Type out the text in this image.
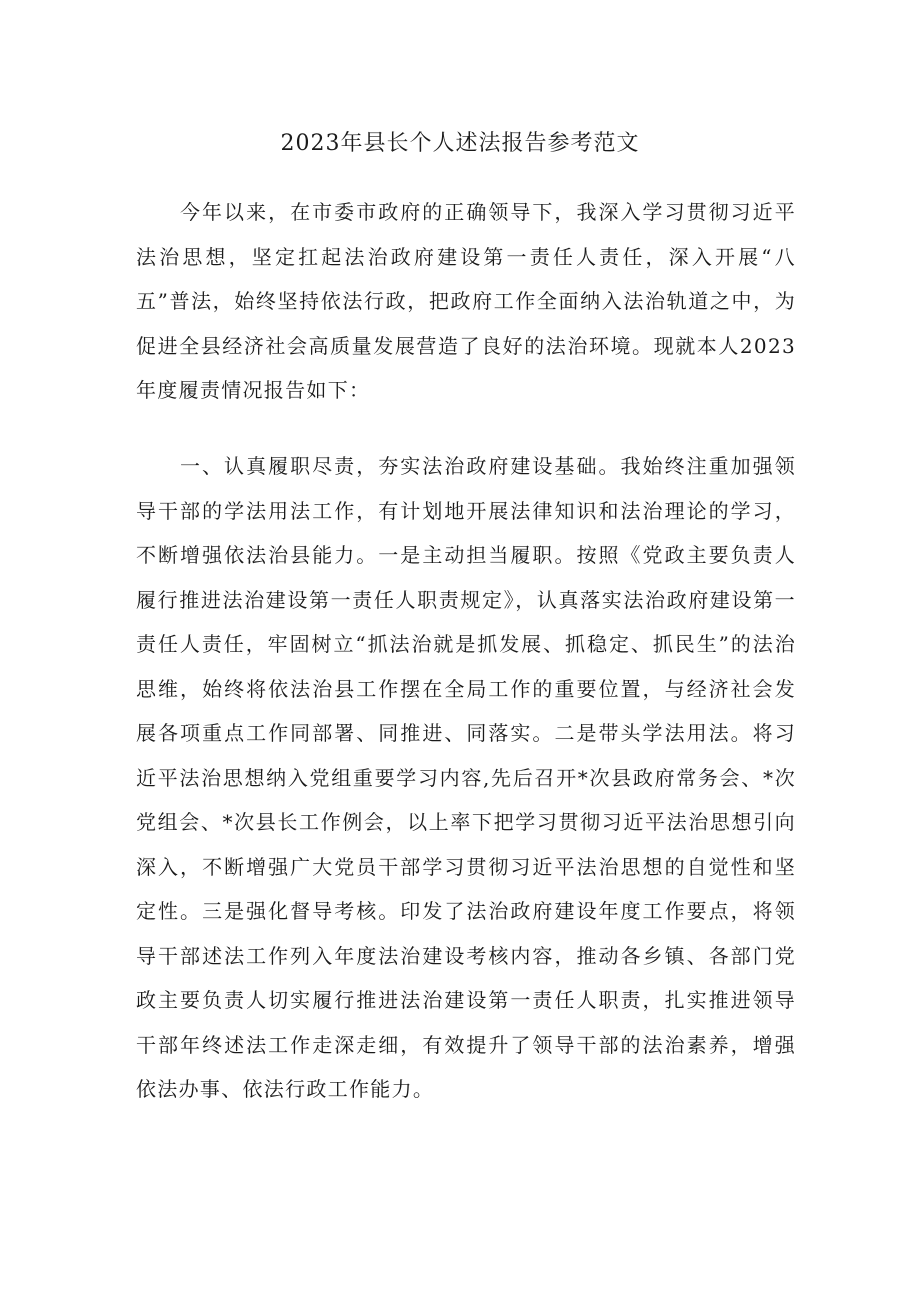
2023年县长个人述法报告参考范文

今年以来，在市委市政府的正确领导下，我深入学习贯彻习近平法治思想，坚定扛起法治政府建设第一责任人责任，深入开展“八五”普法，始终坚持依法行政，把政府工作全面纳入法治轨道之中，为促进全县经济社会高质量发展营造了良好的法治环境。现就本人2023年度履责情况报告如下：

一、认真履职尽责，夯实法治政府建设基础。我始终注重加强领导干部的学法用法工作，有计划地开展法律知识和法治理论的学习，不断增强依法治县能力。一是主动担当履职。按照《党政主要负责人履行推进法治建设第一责任人职责规定》，认真落实法治政府建设第一责任人责任，牢固树立“抓法治就是抓发展、抓稳定、抓民生”的法治思维，始终将依法治县工作摆在全局工作的重要位置，与经济社会发展各项重点工作同部署、同推进、同落实。二是带头学法用法。将习近平法治思想纳入党组重要学习内容,先后召开*次县政府常务会、*次党组会、*次县长工作例会，以上率下把学习贯彻习近平法治思想引向深入，不断增强广大党员干部学习贯彻习近平法治思想的自觉性和坚定性。三是强化督导考核。印发了法治政府建设年度工作要点，将领导干部述法工作列入年度法治建设考核内容，推动各乡镇、各部门党政主要负责人切实履行推进法治建设第一责任人职责，扎实推进领导干部年终述法工作走深走细，有效提升了领导干部的法治素养，增强依法办事、依法行政工作能力。
